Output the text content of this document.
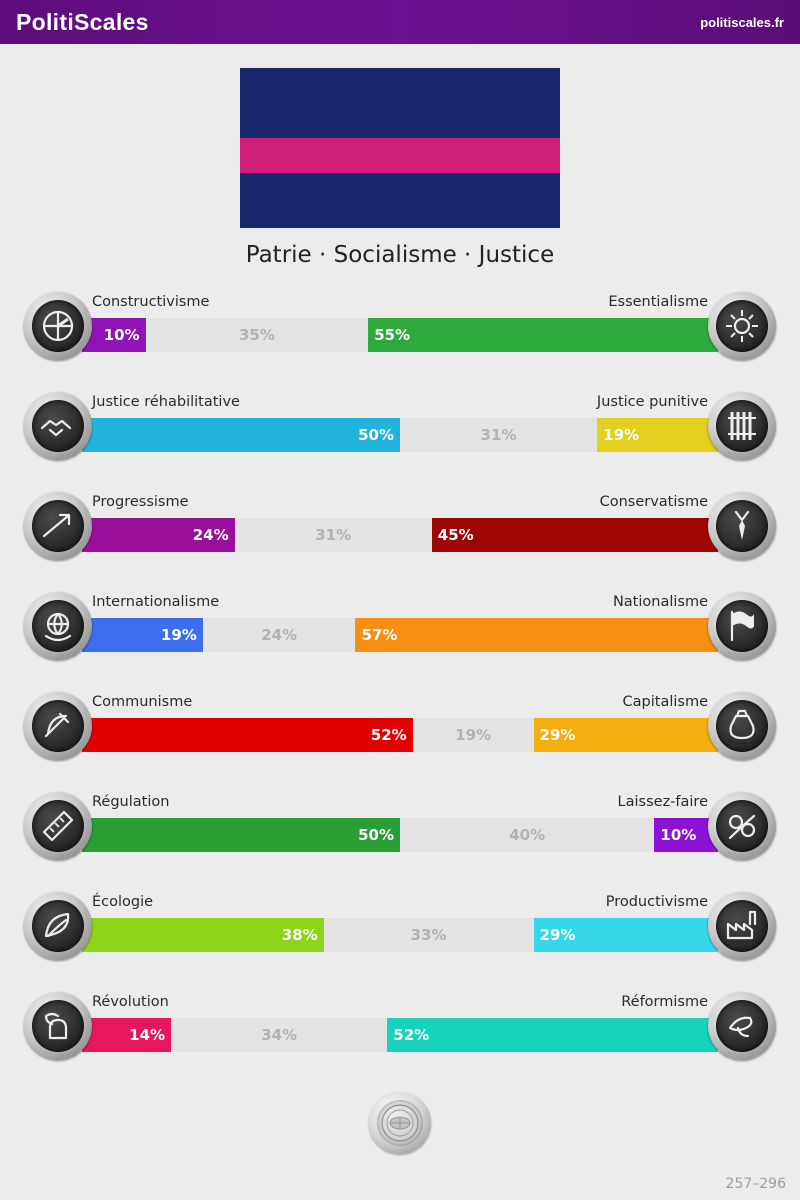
PolitiScales	politiscales.fr
Patrie · Socialisme · Justice
Constructivisme	Essentialisme
10%	35%	55%
Justice réhabilitative	Justice punitive
50%	31%	19%
Progressisme	Conservatisme
24%	31%	45%
Internationalisme	Nationalisme
19%	24%	57%
Communisme	Capitalisme
52%	19%	29%
Régulation	Laissez-faire
50%	40%	10%
Écologie	Productivisme
38%	33%	29%
Révolution	Réformisme
14%	34%	52%
257–296
